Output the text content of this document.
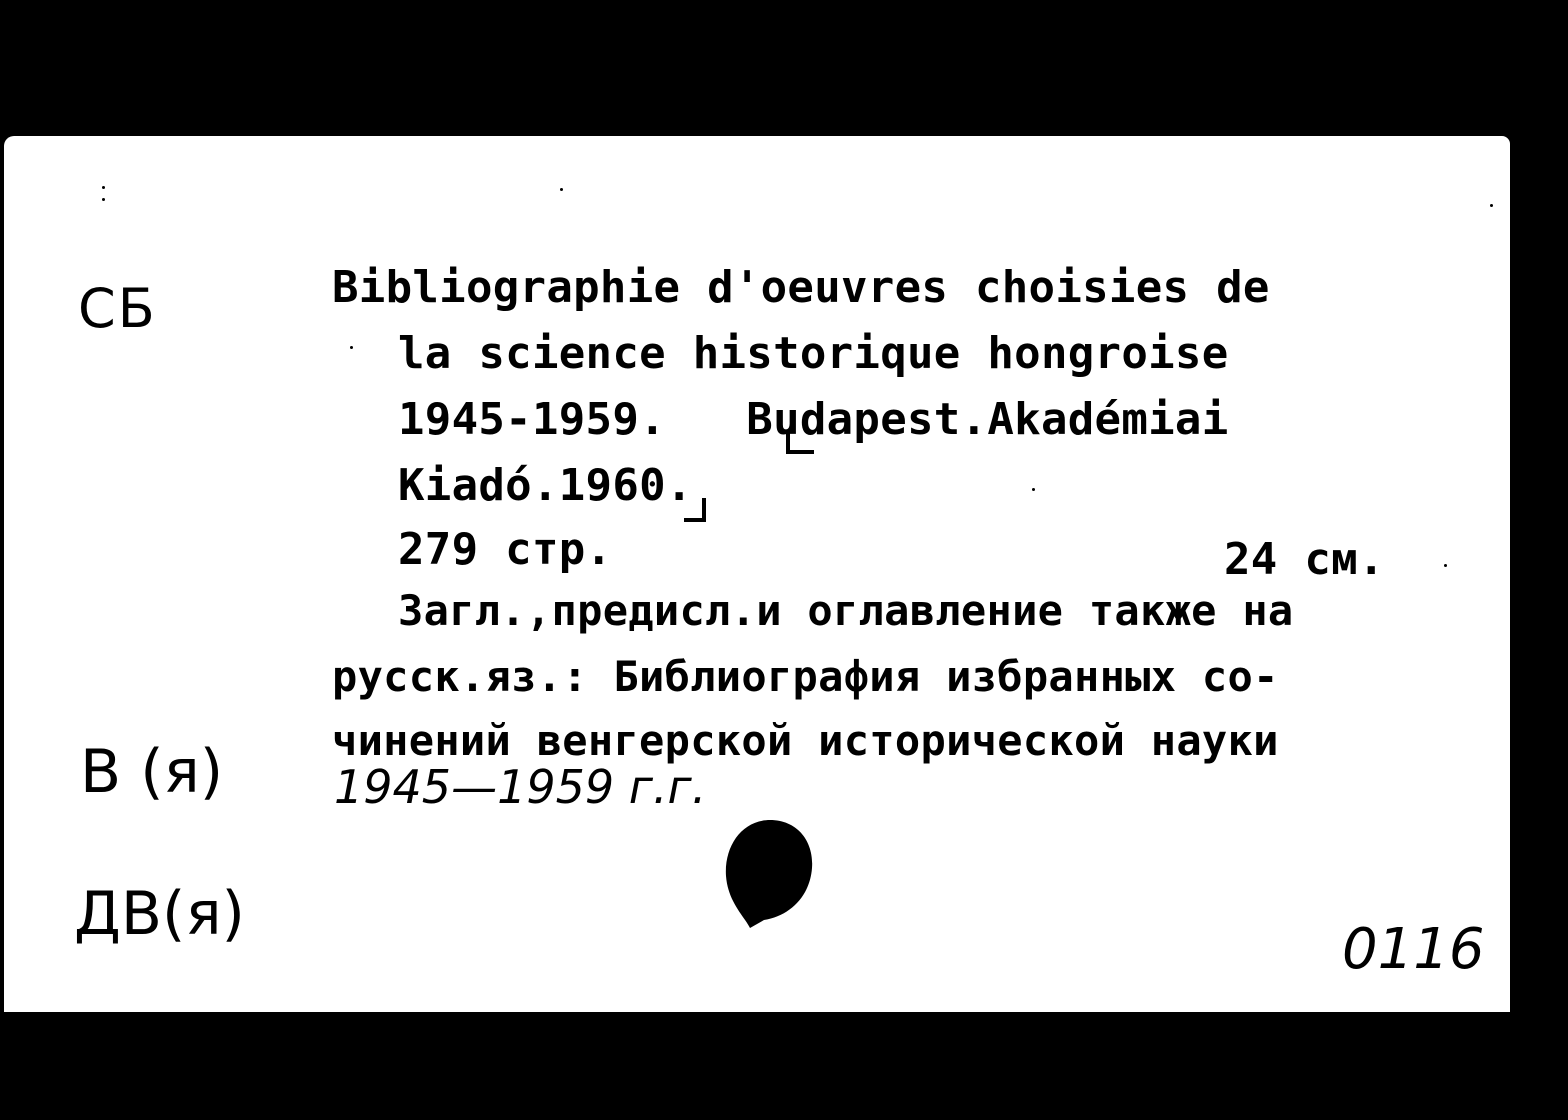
СБ	Bibliographie d'oeuvres choisies de
la science historique hongroise
1945-1959.   Budapest.Akadémiai
Kiadó.1960.
279 стр.	24 см.
Загл.,предисл.и оглавление также на
русск.яз.: Библиография избранных со-
чинений венгерской исторической науки
1945—1959 г.г.
B (я)
ДВ(я)
0116
